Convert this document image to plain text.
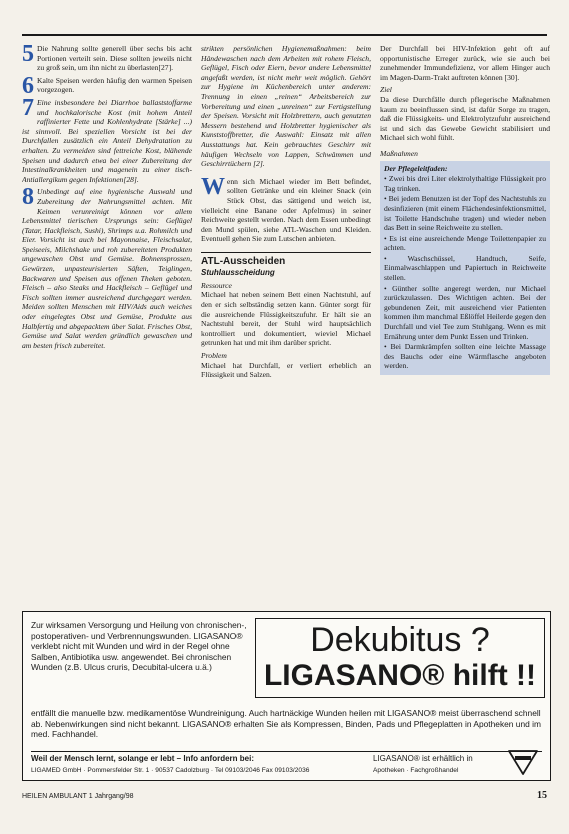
5 Die Nahrung sollte generell über sechs bis acht Portionen verteilt sein. Diese sollten jeweils nicht zu groß sein, um ihn nicht zu überlasten[27].
6 Kalte Speisen werden häufig den warmen Speisen vorgezogen.
7 Eine insbesondere bei Diarrhoe ballaststoffarme und hochkalorische Kost (mit hohem Anteil raffinierter Fette und Kohlenhydrate [Stärke] ...) ist sinnvoll. Bei speziellen Vorsicht ist bei der Durchfallen zusätzlich ein Anteil Dehydratation zu erhalten. Zu vermeiden sind fettreiche Kost, blähende Speisen und dadurch etwa bei einer Zubereitung der Intestinalkrankheiten und magenein zu einer tisch-Antiallergikum gegen Infektionen[28].
8 Unbedingt auf eine hygienische Auswahl und Zubereitung der Nahrungsmittel achten. Mit Keimen verunreinigt können vor allem Lebensmittel tierischen Ursprungs sein: Geflügel (Tatar, Hackfleisch, Sushi), Shrimps u.a. Rohmilch und Eier. Vorsicht ist auch bei Mayonnaise, Fleischsalat, Speiseeis, Milchshake und roh zubereiteten Produkten ungewaschen Obst und Gemüse. Bohnensprossen, Gewürzen, unpasteurisierten Säften, Teiglingen, Backwaren und Speisen aus offenen Theken geboten. Fleisch – also Steaks und Hackfleisch – Geflügel und Fisch sollten immer ausreichend durchgegart werden. Meiden sollten Menschen mit HIV/Aids auch weiches oder eingelegtes Obst und Gemüse, Produkte aus Halbfertig und abgepacktem über Salat. Frisches Obst, Gemüse und Salat werden gründlich gewaschen und am besten frisch zubereitet.
strikten persönlichen Hygienemaßnahmen: beim Händewaschen nach dem Arbeiten mit rohem Fleisch, Geflügel, Fisch oder Eiern, bevor andere Lebensmittel angefaßt werden, ist nicht mehr weit möglich. Gehört zur Hygiene im Küchenbereich unter anderem: Trennung in einen „reinen“ Arbeitsbereich zur Vorbereitung und einen „unreinen“ zur Fertigstellung der Speisen. Vorsicht mit Holzbrettern, auch genutzten Messern bestehend und Holzbretter hygienischer als Kunststoffbretter, die Auswahl: Einsatz mit allen Ausstattungs hat. Kein gebrauchtes Geschirr mit häufigen Wechseln von Lappen, Schwämmen und Geschirrtüchern [2].
W enn sich Michael wieder im Bett befindet, sollten Getränke und ein kleiner Snack (ein Stück Obst, das sättigend und weich ist, vielleicht eine Banane oder Apfelmus) in seiner Reichweite gestellt werden. Nach dem Essen unbedingt den Mund spülen, siehe ATL-Waschen und Kleiden. Eventuell gehen Sie zum Lutschen anbieten.
ATL-Ausscheiden
Stuhlausscheidung
Ressource
Michael hat neben seinem Bett einen Nachtstuhl, auf den er sich selbständig setzen kann. Günter sorgt für die ausreichende Flüssigkeitszufuhr. Er hält sie an Nachtstuhl bereit, der Stuhl wird hauptsächlich kontrolliert und dokumentiert, wieviel Michael getrunken hat und mit ihm darüber spricht.
Problem
Michael hat Durchfall, er verliert erheblich an Flüssigkeit und Salzen.
Der Durchfall bei HIV-Infektion geht oft auf opportunistische Erreger zurück, wie sie auch bei zunehmender Immundefizienz, vor allem Hinger auch im Magen-Darm-Trakt auftreten können [30].
Ziel
Da diese Durchfälle durch pflegerische Maßnahmen kaum zu beeinflussen sind, ist dafür Sorge zu tragen, daß die Flüssigkeits- und Elektrolytzufuhr ausreichend ist und sich das Gewebe Gewicht stabilisiert und Michael sich wohl fühlt.
Maßnahmen
Der Pflegeleitfaden:
• Zwei bis drei Liter elektrolythaltige Flüssigkeit pro Tag trinken.
• Bei jedem Benutzen ist der Topf des Nachtstuhls zu desinfizieren (mit einem Flächendesinfektionsmittel, ist Toilette Handschuhe tragen) und wieder neben das Bett in seine Reichweite zu stellen.
• Es ist eine ausreichende Menge Toilettenpapier zu achten.
• Waschschüssel, Handtuch, Seife, Einmalwaschlappen und Papiertuch in Reichweite stellen.
• Günther sollte angeregt werden, nur Michael zurückzulassen. Des Wichtigen achten. Bei der gebundenen Zeit, mit ausreichend vier Patienten kommen ihm manchmal Eßlöffel Heilerde gegen den Durchfall und viel Tee zum Stuhlgang. Wenn es mit Ernährung unter dem Punkt Essen und Trinken.
• Bei Darmkrämpfen sollten eine leichte Massage des Bauchs oder eine Wärmflasche angeboten werden.
Zur wirksamen Versorgung und Heilung von chronischen-, postoperativen- und Verbrennungswunden. LIGASANO® verklebt nicht mit Wunden und wird in der Regel ohne Salben, Antibiotika usw. angewendet. Bei chronischen Wunden (z.B. Ulcus cruris, Decubital-ulcera u.ä.)
Dekubitus ?
LIGASANO® hilft !!
entfällt die manuelle bzw. medikamentöse Wundreinigung. Auch hartnäckige Wunden heilen mit LIGASANO® meist überraschend schnell ab. Nebenwirkungen sind nicht bekannt. LIGASANO® erhalten Sie als Kompressen, Binden, Pads und Pflegeplatten in Apotheken und im med. Fachhandel.
Weil der Mensch lernt, solange er lebt – Info anfordern bei:
LIGAMED GmbH · Pommersfelder Str. 1 · 90537 Cadolzburg · Tel 09103/2046 Fax 09103/2036
LIGASANO® ist erhältlich in
Apotheken · Fachgroßhandel
HEILEN AMBULANT 1 Jahrgang/98	15
